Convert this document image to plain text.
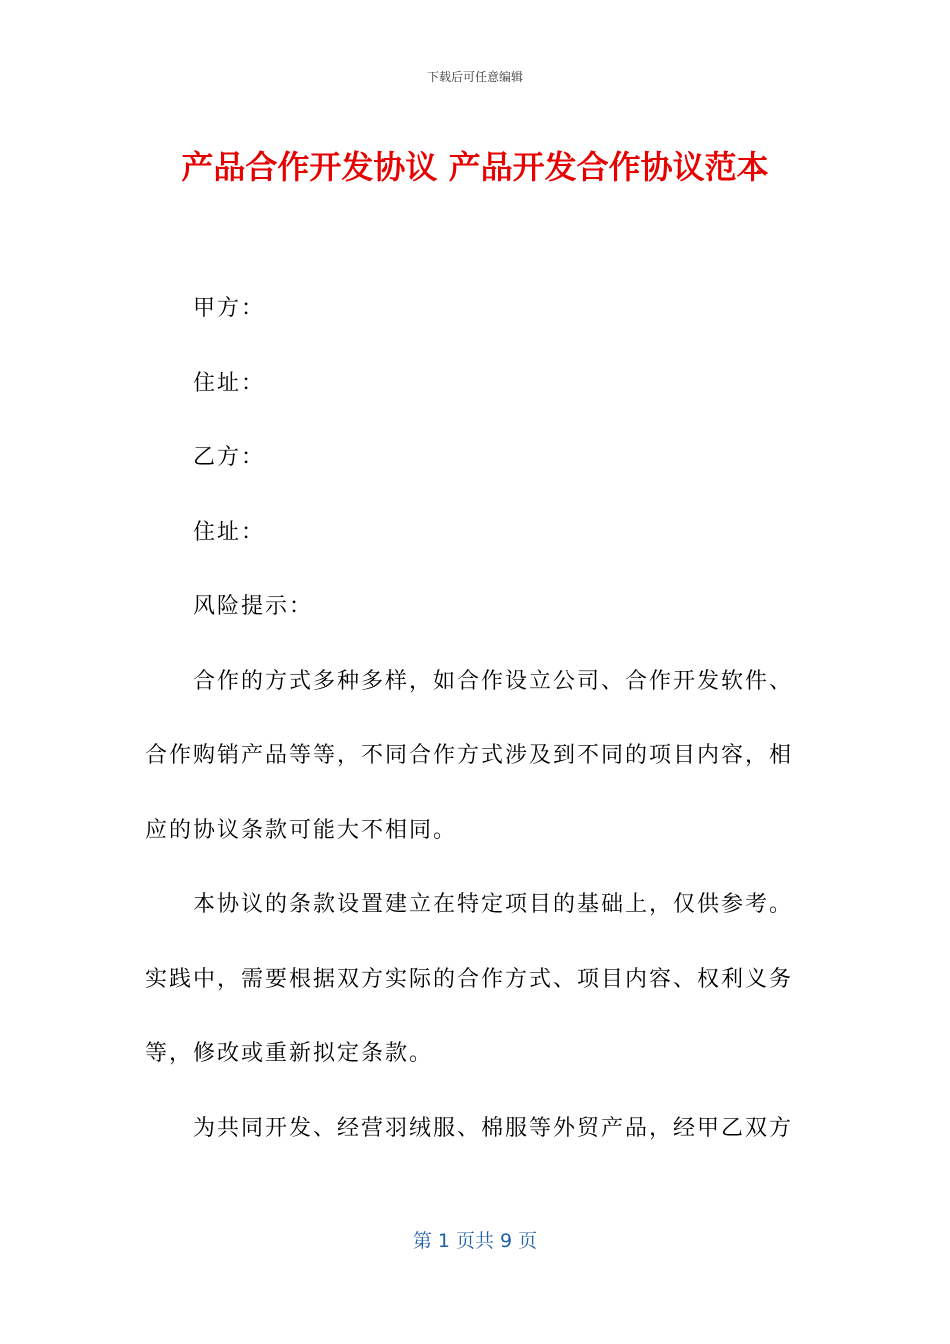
下载后可任意编辑
产品合作开发协议 产品开发合作协议范本
甲方：
住址：
乙方：
住址：
风险提示：
合作的方式多种多样，如合作设立公司、合作开发软件、
合作购销产品等等，不同合作方式涉及到不同的项目内容，相
应的协议条款可能大不相同。
本协议的条款设置建立在特定项目的基础上，仅供参考。
实践中，需要根据双方实际的合作方式、项目内容、权利义务
等，修改或重新拟定条款。
为共同开发、经营羽绒服、棉服等外贸产品，经甲乙双方
第 1 页共 9 页
